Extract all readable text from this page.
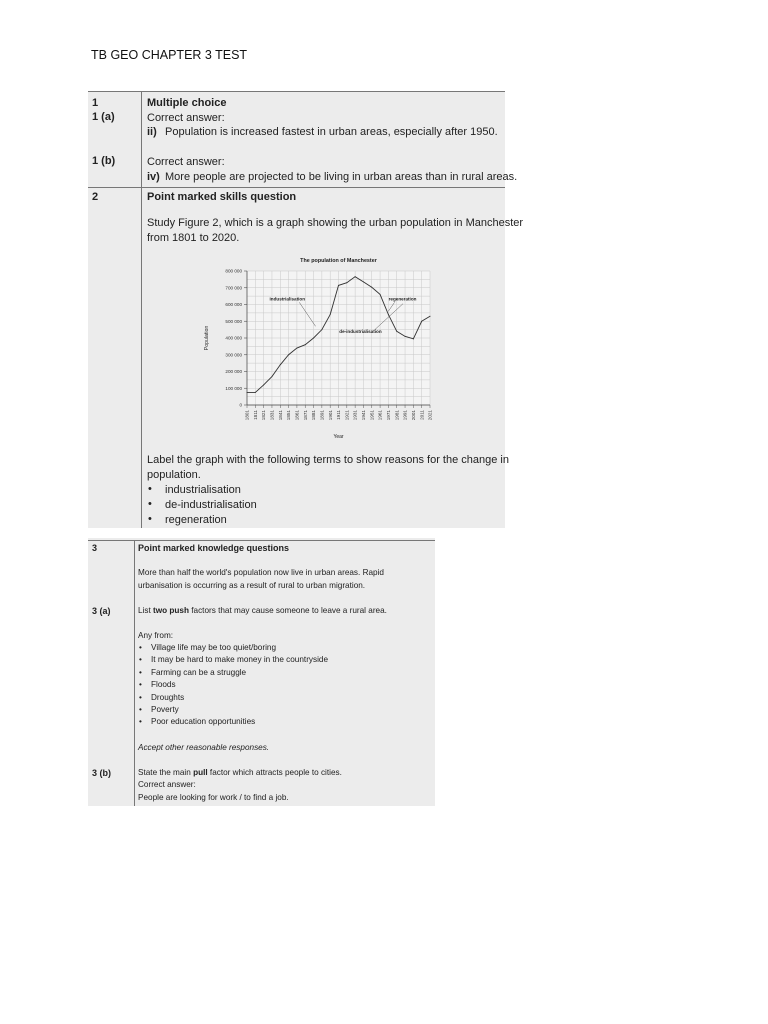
TB GEO CHAPTER 3 TEST
1	Multiple choice
1 (a)	Correct answer:
ii) Population is increased fastest in urban areas, especially after 1950.
1 (b)	Correct answer:
iv) More people are projected to be living in urban areas than in rural areas.
2	Point marked skills question
Study Figure 2, which is a graph showing the urban population in Manchester
from 1801 to 2020.
0
100 000
200 000
300 000
400 000
500 000
600 000
700 000
800 000
1801 1811 1821 1831 1841 1851 1861 1871 1881 1891 1901 1911 1921 1931 1941 1951 1961 1971 1981 1991 2001 2011 2021
The population of Manchester
Year
Population
industrialisation	regeneration
de-industrialisation
Label the graph with the following terms to show reasons for the change in
population.
• industrialisation
• de-industrialisation
• regeneration
3	Point marked knowledge questions
More than half the world's population now live in urban areas. Rapid
urbanisation is occurring as a result of rural to urban migration.
3 (a)	List two push factors that may cause someone to leave a rural area.
Any from:
• Village life may be too quiet/boring
• It may be hard to make money in the countryside
• Farming can be a struggle
• Floods
• Droughts
• Poverty
• Poor education opportunities
Accept other reasonable responses.
3 (b)	State the main pull factor which attracts people to cities.
Correct answer:
People are looking for work / to find a job.
